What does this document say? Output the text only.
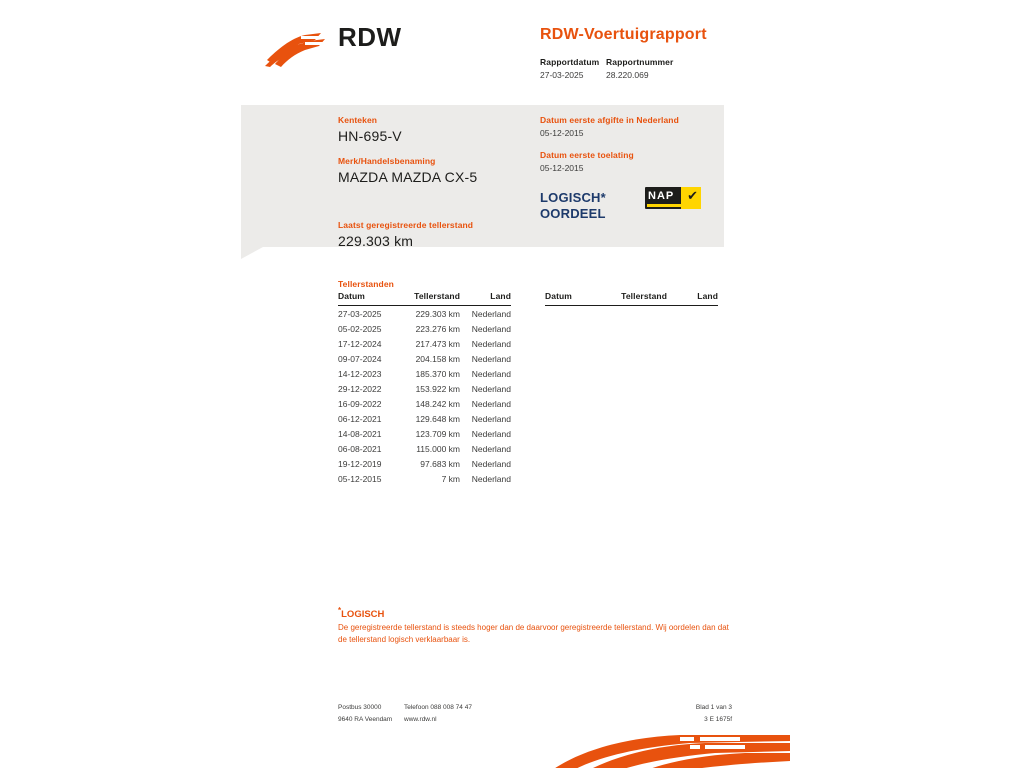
RDW	RDW-Voertuigrapport
Rapportdatum
27-03-2025
Rapportnummer
28.220.069
Kenteken
HN-695-V
Merk/Handelsbenaming
MAZDA MAZDA CX-5
Laatst geregistreerde tellerstand
229.303 km
Datum eerste afgifte in Nederland
05-12-2015
Datum eerste toelating
05-12-2015
LOGISCH*
OORDEEL
NAP ✔
Tellerstanden
Datum	Tellerstand	Land
27-03-2025	229.303 km	Nederland
05-02-2025	223.276 km	Nederland
17-12-2024	217.473 km	Nederland
09-07-2024	204.158 km	Nederland
14-12-2023	185.370 km	Nederland
29-12-2022	153.922 km	Nederland
16-09-2022	148.242 km	Nederland
06-12-2021	129.648 km	Nederland
14-08-2021	123.709 km	Nederland
06-08-2021	115.000 km	Nederland
19-12-2019	97.683 km	Nederland
05-12-2015	7 km	Nederland
Datum	Tellerstand	Land
*LOGISCH
De geregistreerde tellerstand is steeds hoger dan de daarvoor geregistreerde tellerstand. Wij oordelen dan dat de tellerstand logisch verklaarbaar is.
Postbus 30000
9640 RA Veendam
Telefoon 088 008 74 47
www.rdw.nl
Blad 1 van 3
3 E 1675f
